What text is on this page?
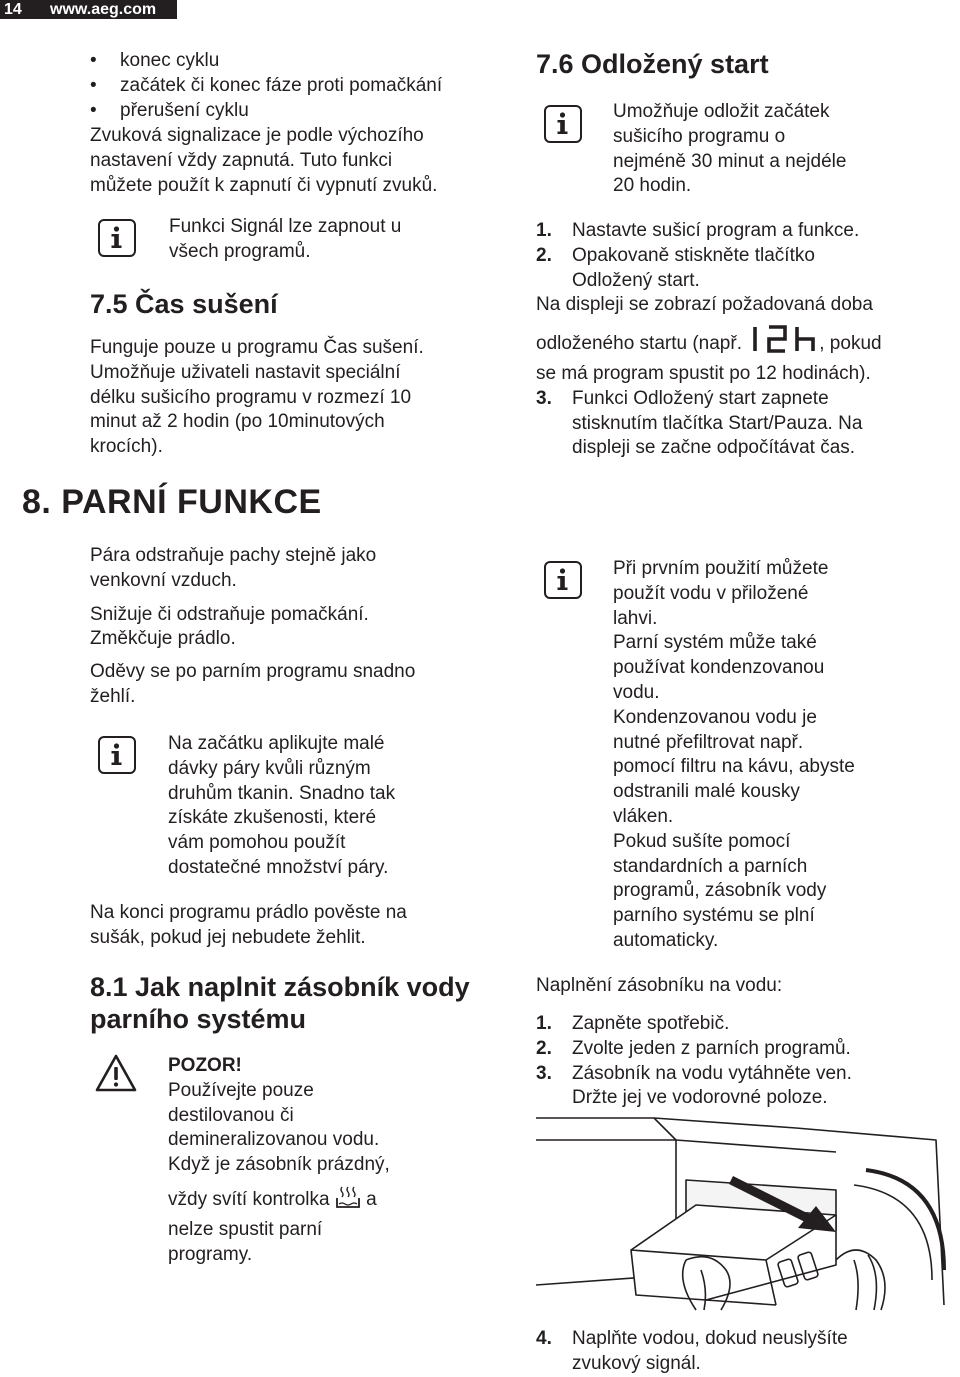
14 www.aeg.com
• konec cyklu
• začátek či konec fáze proti pomačkání
• přerušení cyklu
Zvuková signalizace je podle výchozího
nastavení vždy zapnutá. Tuto funkci
můžete použít k zapnutí či vypnutí zvuků.
Funkci Signál lze zapnout u
všech programů.
7.5 Čas sušení
Funguje pouze u programu Čas sušení.
Umožňuje uživateli nastavit speciální
délku sušicího programu v rozmezí 10
minut až 2 hodin (po 10minutových
krocích).
8. PARNÍ FUNKCE
Pára odstraňuje pachy stejně jako
venkovní vzduch.
Snižuje či odstraňuje pomačkání.
Změkčuje prádlo.
Oděvy se po parním programu snadno
žehlí.
Na začátku aplikujte malé
dávky páry kvůli různým
druhům tkanin. Snadno tak
získáte zkušenosti, které
vám pomohou použít
dostatečné množství páry.
Na konci programu prádlo pověste na
sušák, pokud jej nebudete žehlit.
8.1 Jak naplnit zásobník vody
parního systému
POZOR!
Používejte pouze
destilovanou či
demineralizovanou vodu.
Když je zásobník prázdný,
vždy svítí kontrolka a
nelze spustit parní
programy.
7.6 Odložený start
Umožňuje odložit začátek
sušicího programu o
nejméně 30 minut a nejdéle
20 hodin.
1.	Nastavte sušicí program a funkce.
2.	Opakovaně stiskněte tlačítko
Odložený start.
Na displeji se zobrazí požadovaná doba
odloženého startu (např.	, pokud
se má program spustit po 12 hodinách).
3.	Funkci Odložený start zapnete
stisknutím tlačítka Start/Pauza. Na
displeji se začne odpočítávat čas.
Při prvním použití můžete
použít vodu v přiložené
lahvi.
Parní systém může také
používat kondenzovanou
vodu.
Kondenzovanou vodu je
nutné přefiltrovat např.
pomocí filtru na kávu, abyste
odstranili malé kousky
vláken.
Pokud sušíte pomocí
standardních a parních
programů, zásobník vody
parního systému se plní
automaticky.
Naplnění zásobníku na vodu:
1.	Zapněte spotřebič.
2.	Zvolte jeden z parních programů.
3.	Zásobník na vodu vytáhněte ven.
Držte jej ve vodorovné poloze.
4.	Naplňte vodou, dokud neuslyšíte
zvukový signál.
